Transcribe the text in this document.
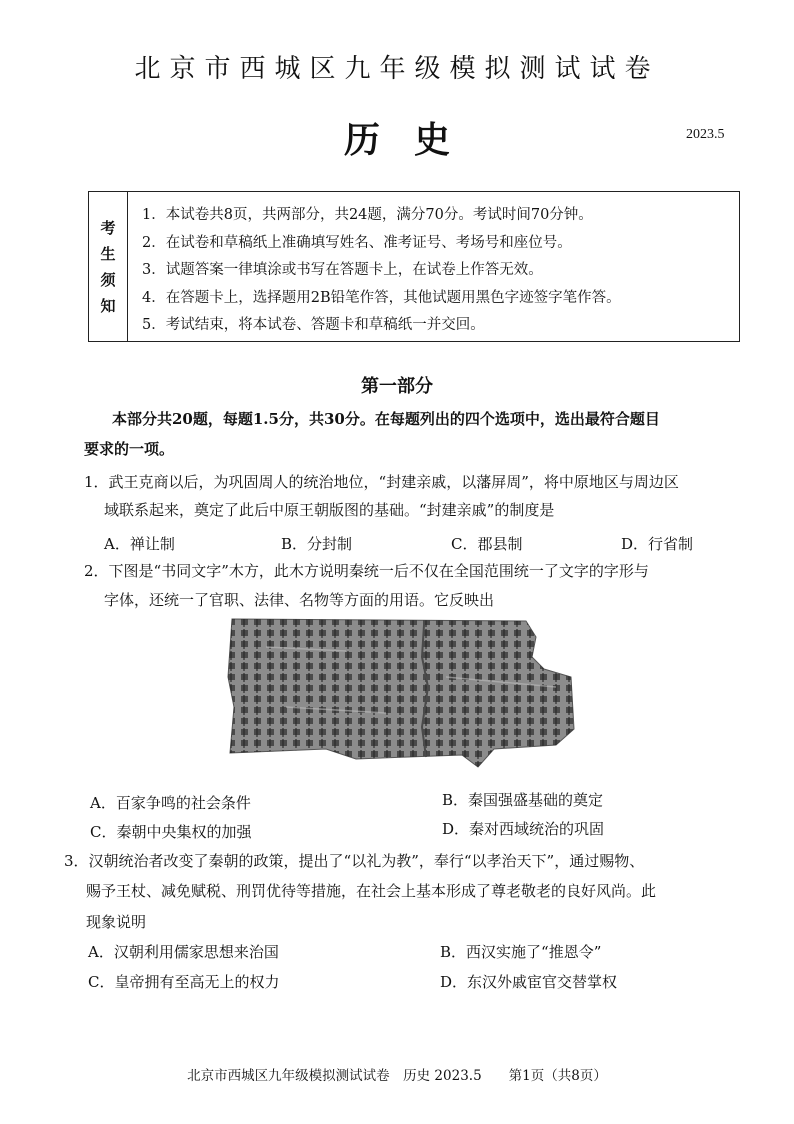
北京市西城区九年级模拟测试试卷
历史	2023.5
考
生
须
知
1．本试卷共8页，共两部分，共24题，满分70分。考试时间70分钟。
2．在试卷和草稿纸上准确填写姓名、准考证号、考场号和座位号。
3．试题答案一律填涂或书写在答题卡上，在试卷上作答无效。
4．在答题卡上，选择题用2B铅笔作答，其他试题用黑色字迹签字笔作答。
5．考试结束，将本试卷、答题卡和草稿纸一并交回。
第一部分
本部分共20题，每题1.5分，共30分。在每题列出的四个选项中，选出最符合题目
要求的一项。
1．武王克商以后，为巩固周人的统治地位，“封建亲戚，以藩屏周”，将中原地区与周边区
域联系起来，奠定了此后中原王朝版图的基础。“封建亲戚”的制度是
A．禅让制	B．分封制	C．郡县制	D．行省制
2．下图是“书同文字”木方，此木方说明秦统一后不仅在全国范围统一了文字的字形与
字体，还统一了官职、法律、名物等方面的用语。它反映出
A．百家争鸣的社会条件	B．秦国强盛基础的奠定
C．秦朝中央集权的加强	D．秦对西域统治的巩固
3．汉朝统治者改变了秦朝的政策，提出了“以礼为教”，奉行“以孝治天下”，通过赐物、
赐予王杖、减免赋税、刑罚优待等措施，在社会上基本形成了尊老敬老的良好风尚。此
现象说明
A．汉朝利用儒家思想来治国	B．西汉实施了“推恩令”
C．皇帝拥有至高无上的权力	D．东汉外戚宦官交替掌权
北京市西城区九年级模拟测试试卷　历史 2023.5　　第1页（共8页）
